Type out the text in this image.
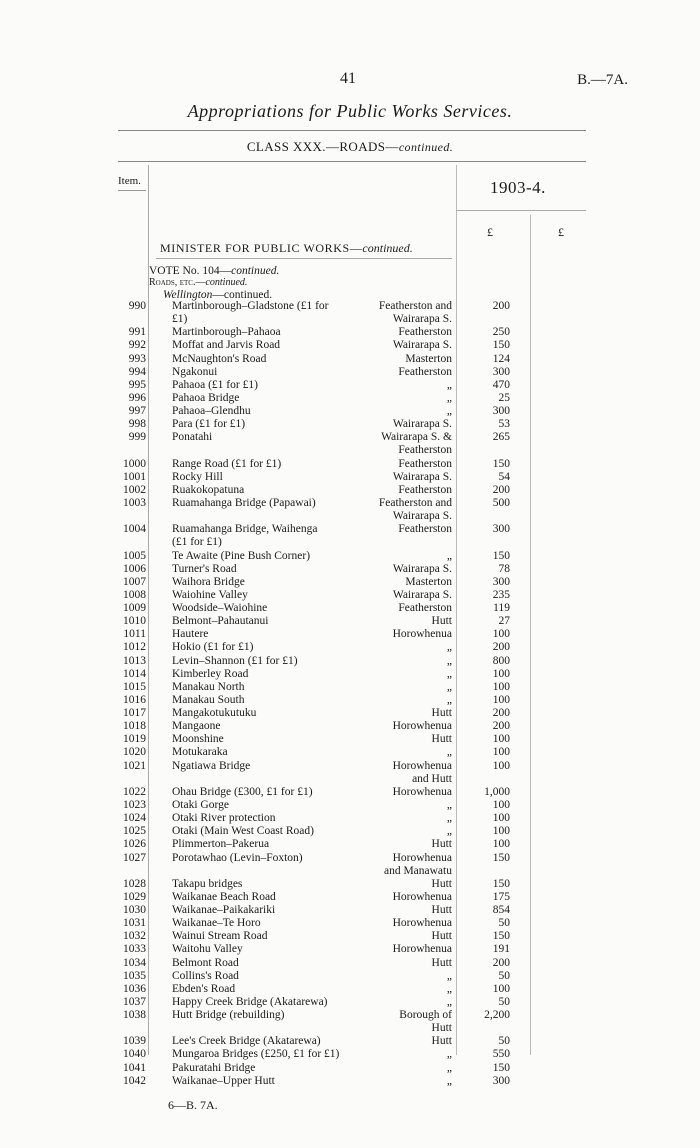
41	B.—7A.
Appropriations for Public Works Services.
CLASS XXX.—ROADS—continued.
Item.	1903-4.
£	£
MINISTER FOR PUBLIC WORKS—continued.
VOTE No. 104—continued.
Roads, etc.—continued.
Wellington—continued.
990 Martinborough–Gladstone (£1 for	Featherston and	200
£1)	Wairarapa S.
991 Martinborough–Pahaoa	Featherston	250
992 Moffat and Jarvis Road	Wairarapa S.	150
993 McNaughton's Road	Masterton	124
994 Ngakonui	Featherston	300
995 Pahaoa (£1 for £1)	„	470
996 Pahaoa Bridge	„	25
997 Pahaoa–Glendhu	„	300
998 Para (£1 for £1)	Wairarapa S.	53
999 Ponatahi	Wairarapa S. &	265
Featherston
1000 Range Road (£1 for £1)	Featherston	150
1001 Rocky Hill	Wairarapa S.	54
1002 Ruakokopatuna	Featherston	200
1003 Ruamahanga Bridge (Papawai)	Featherston and	500
Wairarapa S.
1004 Ruamahanga Bridge, Waihenga	Featherston	300
(£1 for £1)
1005 Te Awaite (Pine Bush Corner)	„	150
1006 Turner's Road	Wairarapa S.	78
1007 Waihora Bridge	Masterton	300
1008 Waiohine Valley	Wairarapa S.	235
1009 Woodside–Waiohine	Featherston	119
1010 Belmont–Pahautanui	Hutt	27
1011 Hautere	Horowhenua	100
1012 Hokio (£1 for £1)	„	200
1013 Levin–Shannon (£1 for £1)	„	800
1014 Kimberley Road	„	100
1015 Manakau North	„	100
1016 Manakau South	„	100
1017 Mangakotukutuku	Hutt	200
1018 Mangaone	Horowhenua	200
1019 Moonshine	Hutt	100
1020 Motukaraka	„	100
1021 Ngatiawa Bridge	Horowhenua	100
and Hutt
1022 Ohau Bridge (£300, £1 for £1)	Horowhenua	1,000
1023 Otaki Gorge	„	100
1024 Otaki River protection	„	100
1025 Otaki (Main West Coast Road)	„	100
1026 Plimmerton–Pakerua	Hutt	100
1027 Porotawhao (Levin–Foxton)	Horowhenua	150
and Manawatu
1028 Takapu bridges	Hutt	150
1029 Waikanae Beach Road	Horowhenua	175
1030 Waikanae–Paikakariki	Hutt	854
1031 Waikanae–Te Horo	Horowhenua	50
1032 Wainui Stream Road	Hutt	150
1033 Waitohu Valley	Horowhenua	191
1034 Belmont Road	Hutt	200
1035 Collins's Road	„	50
1036 Ebden's Road	„	100
1037 Happy Creek Bridge (Akatarewa)	„	50
1038 Hutt Bridge (rebuilding)	Borough of	2,200
Hutt
1039 Lee's Creek Bridge (Akatarewa)	Hutt	50
1040 Mungaroa Bridges (£250, £1 for £1)	„	550
1041 Pakuratahi Bridge	„	150
1042 Waikanae–Upper Hutt	„	300
6—B. 7A.
